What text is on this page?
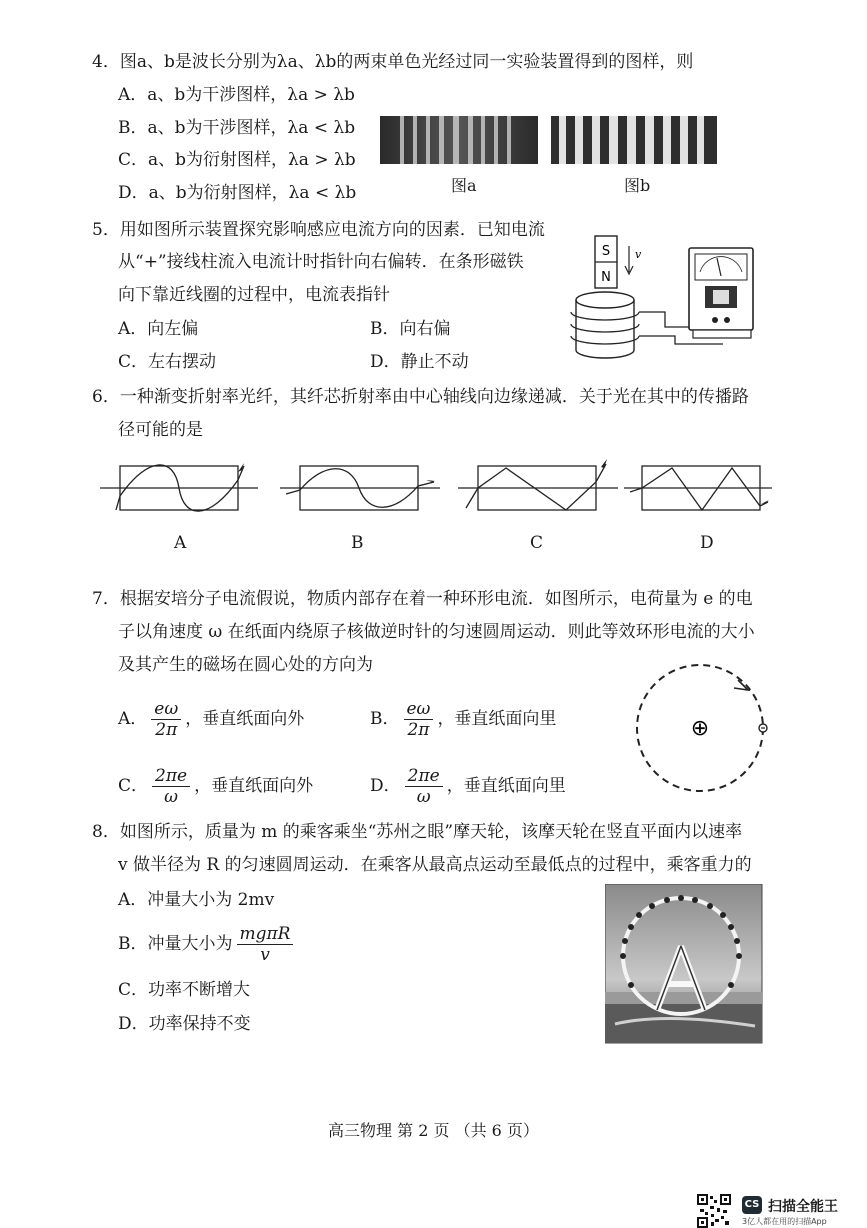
4．图a、b是波长分别为λa、λb的两束单色光经过同一实验装置得到的图样，则
A．a、b为干涉图样，λa > λb
B．a、b为干涉图样，λa < λb
C．a、b为衍射图样，λa > λb
D．a、b为衍射图样，λa < λb	图a	图b
5．用如图所示装置探究影响感应电流方向的因素．已知电流
从“+”接线柱流入电流计时指针向右偏转．在条形磁铁
向下靠近线圈的过程中，电流表指针
A．向左偏	B．向右偏
C．左右摆动	D．静止不动
S
N
v
6．一种渐变折射率光纤，其纤芯折射率由中心轴线向边缘递减．关于光在其中的传播路
径可能的是
A	B	C	D
7．根据安培分子电流假说，物质内部存在着一种环形电流．如图所示，电荷量为 e 的电
子以角速度 ω 在纸面内绕原子核做逆时针的匀速圆周运动．则此等效环形电流的大小
及其产生的磁场在圆心处的方向为
A． $\frac{e\omega}{2\pi}$ ，垂直纸面向外	B． $\frac{e\omega}{2\pi}$ ，垂直纸面向里
C． $\frac{2\pi e}{\omega}$ ，垂直纸面向外	D． $\frac{2\pi e}{\omega}$ ，垂直纸面向里
⊕
8．如图所示，质量为 m 的乘客乘坐“苏州之眼”摩天轮，该摩天轮在竖直平面内以速率
v 做半径为 R 的匀速圆周运动．在乘客从最高点运动至最低点的过程中，乘客重力的
A．冲量大小为 2mv
B．冲量大小为 $\frac{\text{mgπR}}{v}$
C．功率不断增大
D．功率保持不变
高三物理 第 2 页 （共 6 页）
CS 扫描全能王
3亿人都在用的扫描App
